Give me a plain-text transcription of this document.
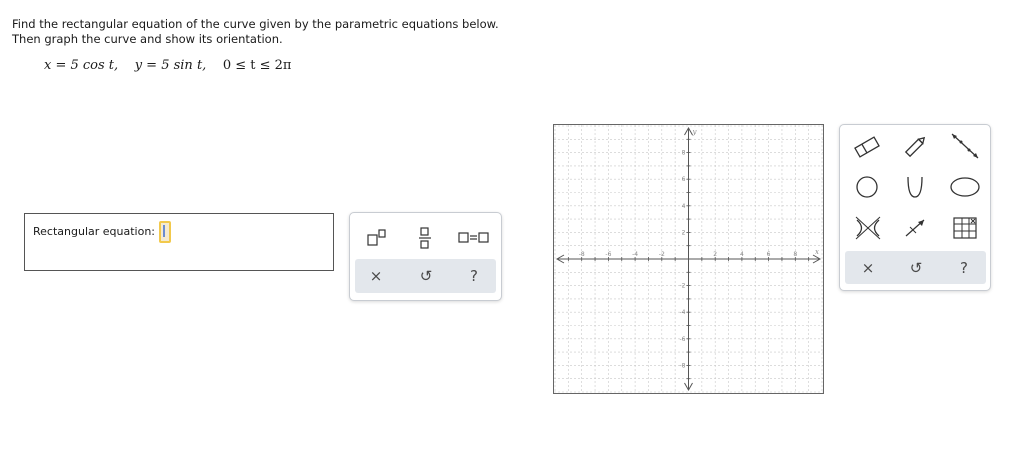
Find the rectangular equation of the curve given by the parametric equations below.
Then graph the curve and show its orientation.
x = 5 cos t, y = 5 sin t, 0 ≤ t ≤ 2π
Rectangular equation:
×	↺	?
-8	-6	-4	-2	2	4	6	8
8
6
4
2
-2
-4
-6
-8
x
y
×	↺	?
